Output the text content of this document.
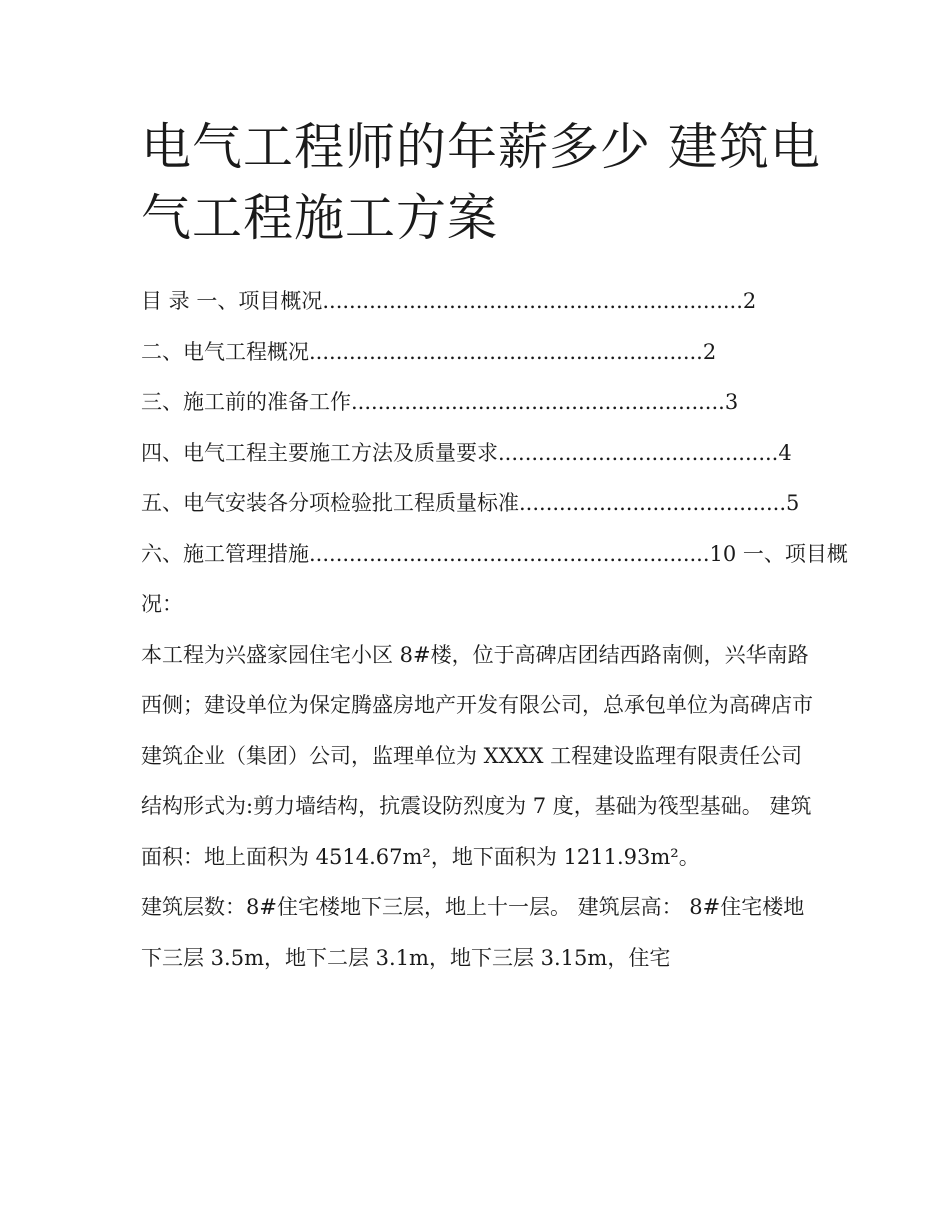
电气工程师的年薪多少 建筑电气工程施工方案
目 录 一、项目概况...............................................................2
二、电气工程概况...........................................................2
三、施工前的准备工作........................................................3
四、电气工程主要施工方法及质量要求..........................................4
五、电气安装各分项检验批工程质量标准........................................5
六、施工管理措施............................................................10 一、项目概
况：

本工程为兴盛家园住宅小区 8#楼，位于高碑店团结西路南侧，兴华南路西侧；建设单位为保定腾盛房地产开发有限公司，总承包单位为高碑店市建筑企业（集团）公司，监理单位为 XXXX 工程建设监理有限责任公司

结构形式为:剪力墙结构，抗震设防烈度为 7 度，基础为筏型基础。 建筑面积：地上面积为 4514.67m²，地下面积为 1211.93m²。

建筑层数：8#住宅楼地下三层，地上十一层。 建筑层高： 8#住宅楼地下三层 3.5m，地下二层 3.1m，地下三层 3.15m，住宅
